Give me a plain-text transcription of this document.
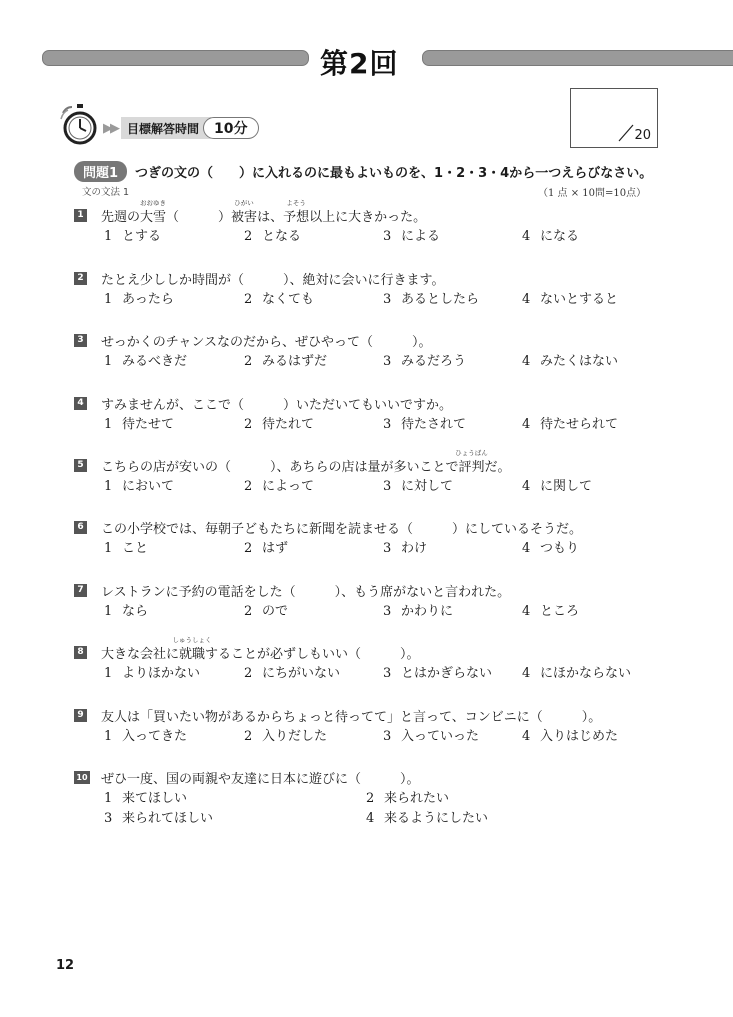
第2回
▶▶ 目標解答時間	10分	20
問題1	つぎの文の（　　）に入れるのに最もよいものを、1・2・3・4から一つえらびなさい。
文の文法 1	（1 点 × 10問=10点）
1 先週の大雪
おおゆき
（　　　）被害
ひがい
は、予想
よそう
以上に大きかった。
1 とする	2 となる	3 による	4 になる
2 たとえ少ししか時間が（　　　）、絶対に会いに行きます。
1 あったら	2 なくても	3 あるとしたら	4 ないとすると
3 せっかくのチャンスなのだから、ぜひやって（　　　）。
1 みるべきだ	2 みるはずだ	3 みるだろう	4 みたくはない
4 すみませんが、ここで（　　　）いただいてもいいですか。
1 待たせて	2 待たれて	3 待たされて	4 待たせられて
5 こちらの店が安いの（　　　）、あちらの店は量が多いことで評判
ひょうばん
だ。
1 において	2 によって	3 に対して	4 に関して
6 この小学校では、毎朝子どもたちに新聞を読ませる（　　　）にしているそうだ。
1 こと	2 はず	3 わけ	4 つもり
7 レストランに予約の電話をした（　　　）、もう席がないと言われた。
1 なら	2 ので	3 かわりに	4 ところ
8 大きな会社に就職
しゅうしょく
することが必ずしもいい（　　　）。
1 よりほかない	2 にちがいない	3 とはかぎらない 4 にほかならない
9 友人は「買いたい物があるからちょっと待ってて」と言って、コンビニに（　　　）。
1 入ってきた	2 入りだした	3 入っていった	4 入りはじめた
10 ぜひ一度、国の両親や友達に日本に遊びに（　　　）。
1 来てほしい	2 来られたい
3 来られてほしい	4 来るようにしたい
12
